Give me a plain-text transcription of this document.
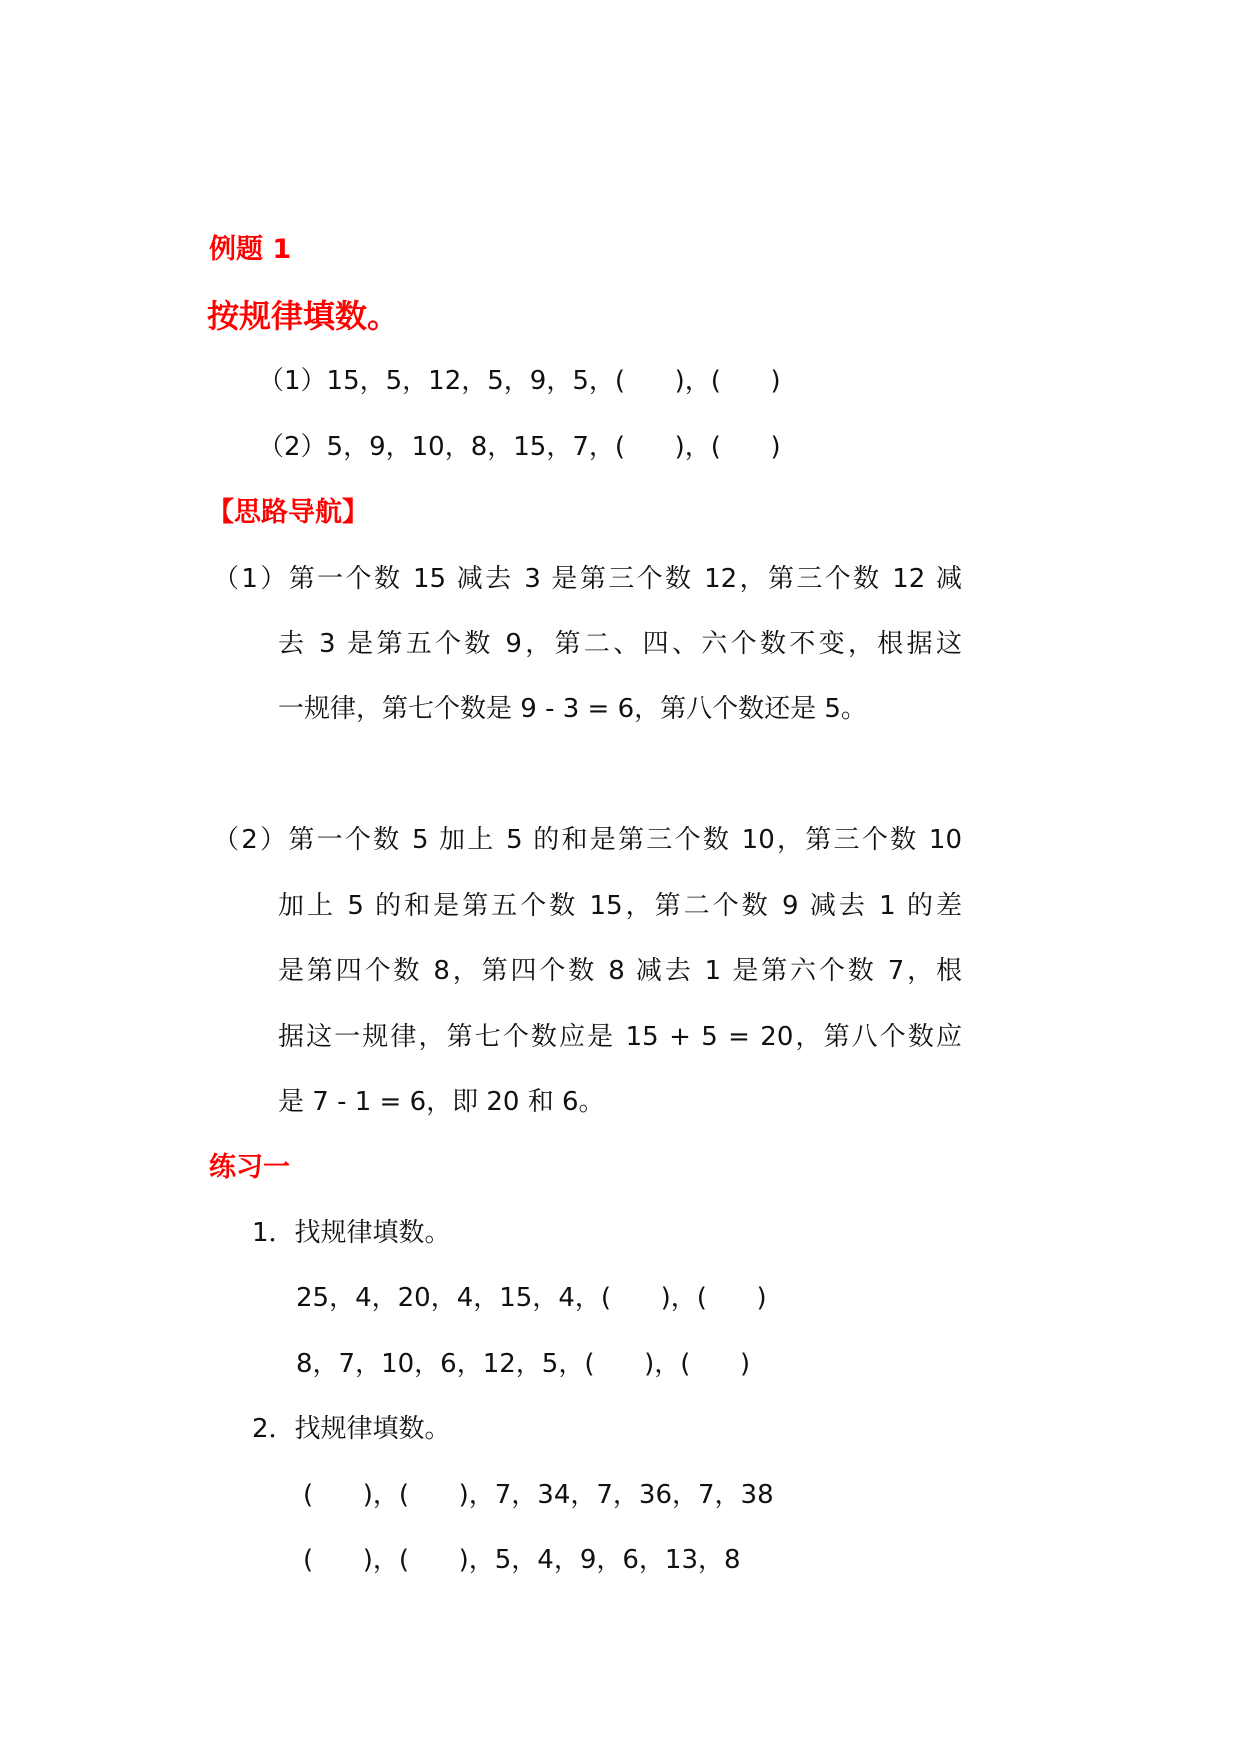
例题 1
按规律填数。
（1）15，5，12，5，9，5，(      )，(      )
（2）5，9，10，8，15，7，(      )，(      )
【思路导航】
（1）第一个数 15 减去 3 是第三个数 12，第三个数 12 减
去 3 是第五个数 9，第二、四、六个数不变，根据这
一规律，第七个数是 9 - 3 = 6，第八个数还是 5。
（2）第一个数 5 加上 5 的和是第三个数 10，第三个数 10
加上 5 的和是第五个数 15，第二个数 9 减去 1 的差
是第四个数 8，第四个数 8 减去 1 是第六个数 7，根
据这一规律，第七个数应是 15 + 5 = 20，第八个数应
是 7 - 1 = 6，即 20 和 6。
练习一
1．找规律填数。
25，4，20，4，15，4，(      )，(      )
8，7，10，6，12，5，(      )，(      )
2．找规律填数。
(      )，(      )，7，34，7，36，7，38
(      )，(      )，5，4，9，6，13，8
